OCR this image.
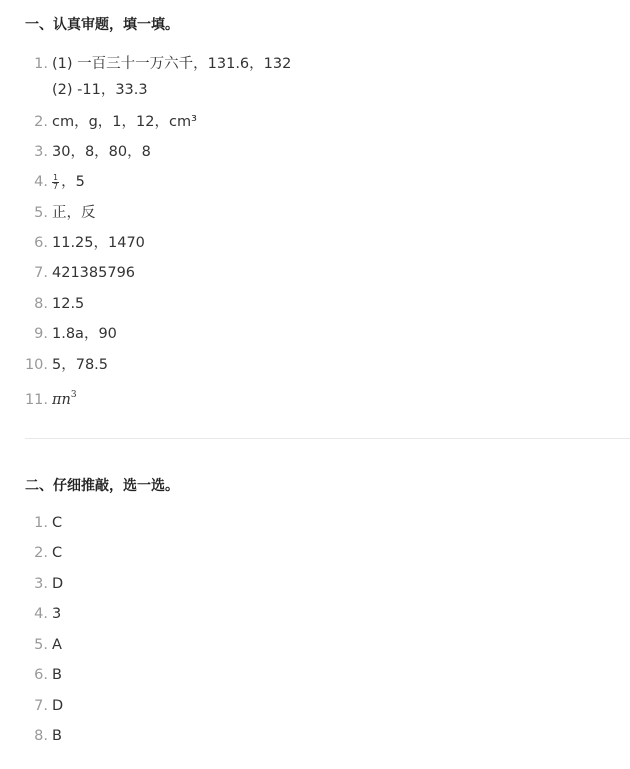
一、认真审题，填一填。
1. (1) 一百三十一万六千，131.6，132
(2) -11，33.3
2. cm，g，1，12，cm³
3. 30，8，80，8
4. $\frac{1}{7}$ ，5
5. 正，反
6. 11.25，1470
7. 421385796
8. 12.5
9. 1.8a，90
10. 5，78.5
11. $\pi n^3$
二、仔细推敲，选一选。
1. C
2. C
3. D
4. 3
5. A
6. B
7. D
8. B
